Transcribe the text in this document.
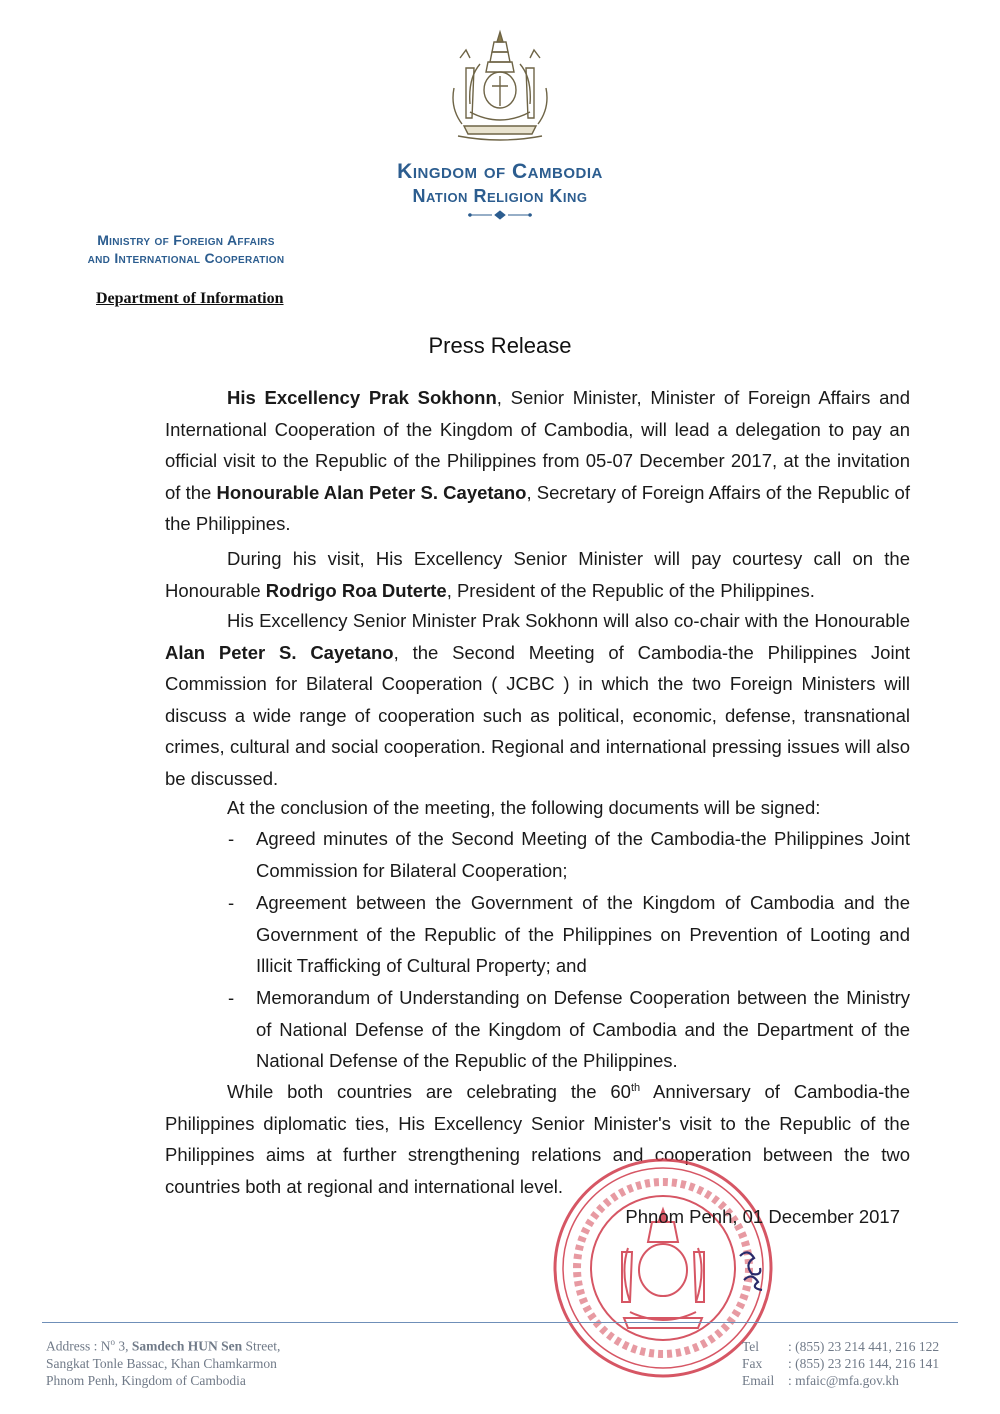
Kingdom of Cambodia
Nation Religion King
Ministry of Foreign Affairs
and International Cooperation
Department of Information
Press Release

His Excellency Prak Sokhonn, Senior Minister, Minister of Foreign Affairs and International Cooperation of the Kingdom of Cambodia, will lead a delegation to pay an official visit to the Republic of the Philippines from 05-07 December 2017, at the invitation of the Honourable Alan Peter S. Cayetano, Secretary of Foreign Affairs of the Republic of the Philippines.

During his visit, His Excellency Senior Minister will pay courtesy call on the Honourable Rodrigo Roa Duterte, President of the Republic of the Philippines.

His Excellency Senior Minister Prak Sokhonn will also co-chair with the Honourable Alan Peter S. Cayetano, the Second Meeting of Cambodia-the Philippines Joint Commission for Bilateral Cooperation ( JCBC ) in which the two Foreign Ministers will discuss a wide range of cooperation such as political, economic, defense, transnational crimes, cultural and social cooperation. Regional and international pressing issues will also be discussed.

At the conclusion of the meeting, the following documents will be signed:

- Agreed minutes of the Second Meeting of the Cambodia-the Philippines Joint Commission for Bilateral Cooperation;
- Agreement between the Government of the Kingdom of Cambodia and the Government of the Republic of the Philippines on Prevention of Looting and Illicit Trafficking of Cultural Property; and
- Memorandum of Understanding on Defense Cooperation between the Ministry of National Defense of the Kingdom of Cambodia and the Department of the National Defense of the Republic of the Philippines.

While both countries are celebrating the 60th Anniversary of Cambodia-the Philippines diplomatic ties, His Excellency Senior Minister's visit to the Republic of the Philippines aims at further strengthening relations and cooperation between the two countries both at regional and international level.

Phnom Penh, 01 December 2017
Address : $N^o$ 3, Samdech HUN Sen Street,
Sangkat Tonle Bassac, Khan Chamkarmon
Phnom Penh, Kingdom of Cambodia
Tel : (855) 23 214 441, 216 122
Fax : (855) 23 216 144, 216 141
Email : mfaic@mfa.gov.kh
